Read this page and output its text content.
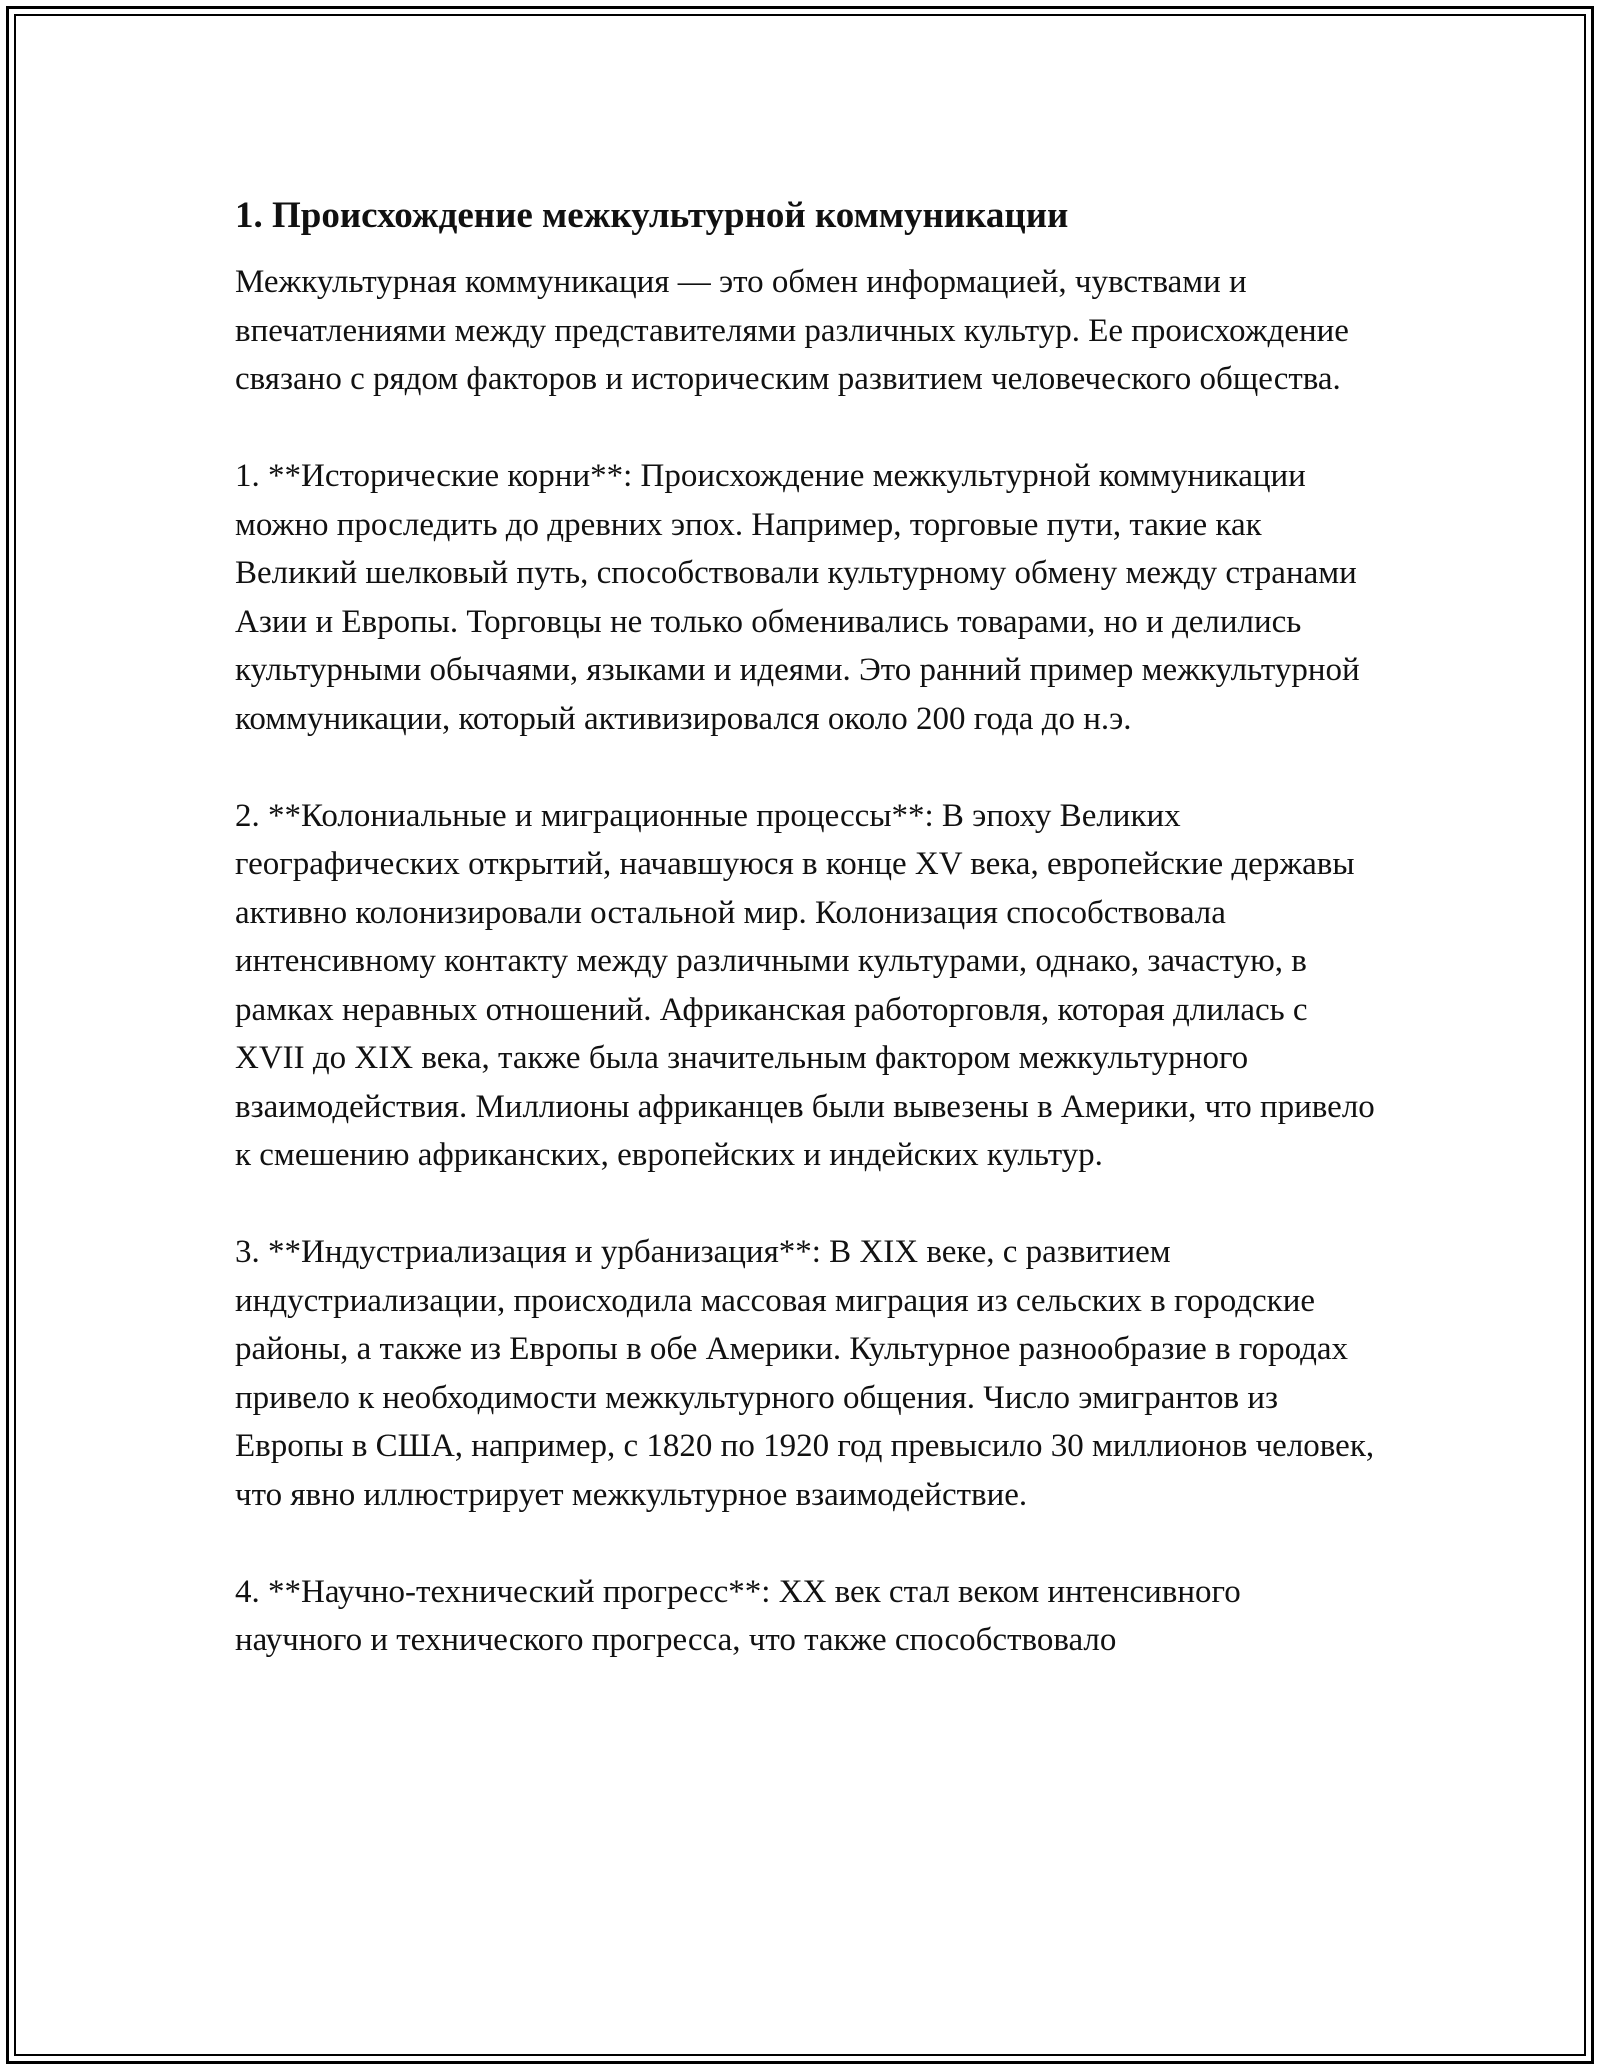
1. Происхождение межкультурной коммуникации

Межкультурная коммуникация — это обмен информацией, чувствами и впечатлениями между представителями различных культур. Ее происхождение связано с рядом факторов и историческим развитием человеческого общества.

1. **Исторические корни**: Происхождение межкультурной коммуникации можно проследить до древних эпох. Например, торговые пути, такие как Великий шелковый путь, способствовали культурному обмену между странами Азии и Европы. Торговцы не только обменивались товарами, но и делились культурными обычаями, языками и идеями. Это ранний пример межкультурной коммуникации, который активизировался около 200 года до н.э.

2. **Колониальные и миграционные процессы**: В эпоху Великих географических открытий, начавшуюся в конце XV века, европейские державы активно колонизировали остальной мир. Колонизация способствовала интенсивному контакту между различными культурами, однако, зачастую, в рамках неравных отношений. Африканская работорговля, которая длилась с XVII до XIX века, также была значительным фактором межкультурного взаимодействия. Миллионы африканцев были вывезены в Америки, что привело к смешению африканских, европейских и индейских культур.

3. **Индустриализация и урбанизация**: В XIX веке, с развитием индустриализации, происходила массовая миграция из сельских в городские районы, а также из Европы в обе Америки. Культурное разнообразие в городах привело к необходимости межкультурного общения. Число эмигрантов из Европы в США, например, с 1820 по 1920 год превысило 30 миллионов человек, что явно иллюстрирует межкультурное взаимодействие.

4. **Научно-технический прогресс**: XX век стал веком интенсивного научного и технического прогресса, что также способствовало
